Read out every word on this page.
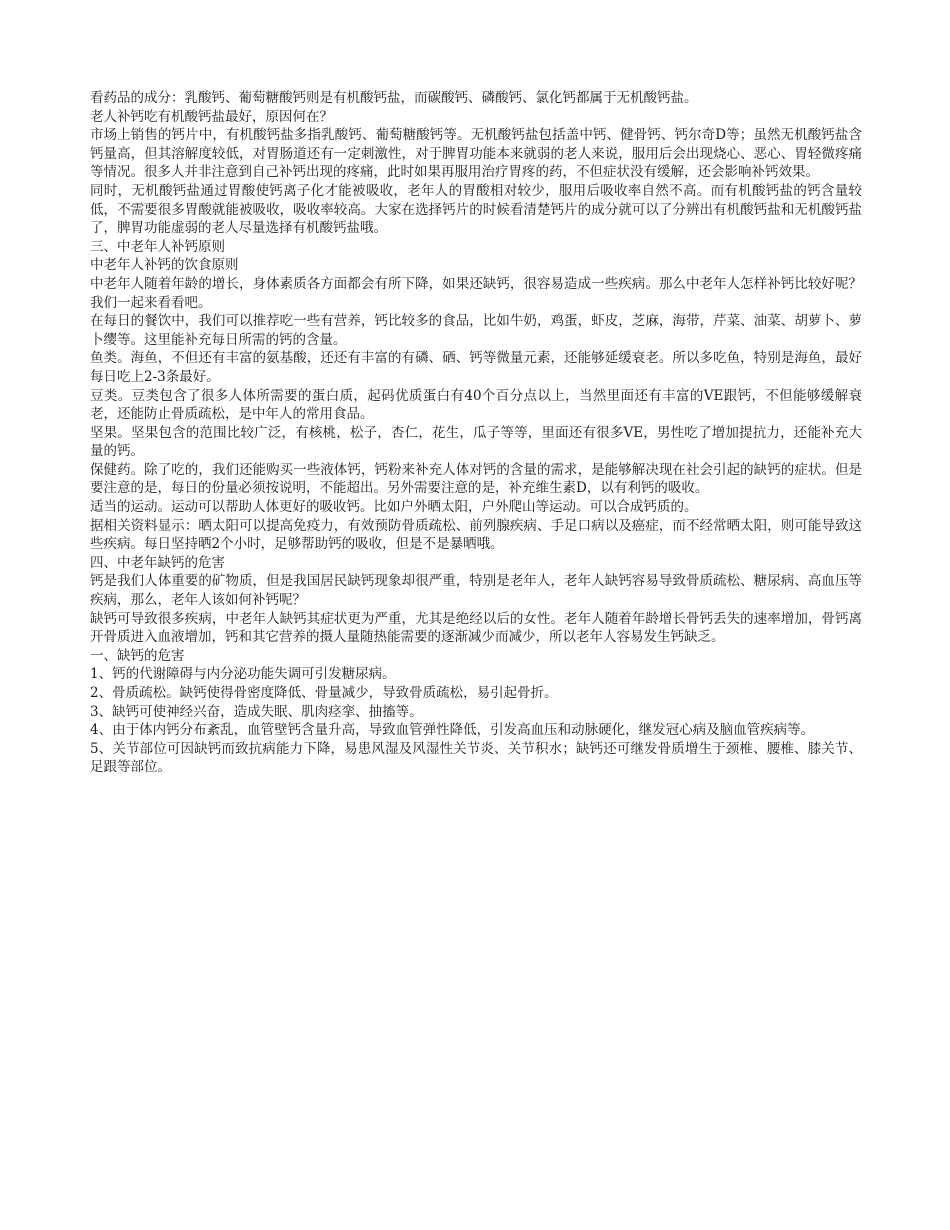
看药品的成分：乳酸钙、葡萄糖酸钙则是有机酸钙盐，而碳酸钙、磷酸钙、氯化钙都属于无机酸钙盐。

老人补钙吃有机酸钙盐最好，原因何在？

市场上销售的钙片中，有机酸钙盐多指乳酸钙、葡萄糖酸钙等。无机酸钙盐包括盖中钙、健骨钙、钙尔奇D等；虽然无机酸钙盐含钙量高，但其溶解度较低，对胃肠道还有一定刺激性，对于脾胃功能本来就弱的老人来说，服用后会出现烧心、恶心、胃轻微疼痛等情况。很多人并非注意到自己补钙出现的疼痛，此时如果再服用治疗胃疼的药，不但症状没有缓解，还会影响补钙效果。

同时，无机酸钙盐通过胃酸使钙离子化才能被吸收，老年人的胃酸相对较少，服用后吸收率自然不高。而有机酸钙盐的钙含量较低，不需要很多胃酸就能被吸收，吸收率较高。大家在选择钙片的时候看清楚钙片的成分就可以了分辨出有机酸钙盐和无机酸钙盐了，脾胃功能虚弱的老人尽量选择有机酸钙盐哦。

三、中老年人补钙原则

中老年人补钙的饮食原则

中老年人随着年龄的增长，身体素质各方面都会有所下降，如果还缺钙，很容易造成一些疾病。那么中老年人怎样补钙比较好呢？我们一起来看看吧。

在每日的餐饮中，我们可以推荐吃一些有营养，钙比较多的食品，比如牛奶，鸡蛋，虾皮，芝麻，海带，芹菜、油菜、胡萝卜、萝卜缨等。这里能补充每日所需的钙的含量。

鱼类。海鱼，不但还有丰富的氨基酸，还还有丰富的有磷、硒、钙等微量元素，还能够延缓衰老。所以多吃鱼，特别是海鱼，最好每日吃上2-3条最好。

豆类。豆类包含了很多人体所需要的蛋白质，起码优质蛋白有40个百分点以上，当然里面还有丰富的VE跟钙，不但能够缓解衰老，还能防止骨质疏松，是中年人的常用食品。

坚果。坚果包含的范围比较广泛，有核桃，松子，杏仁，花生，瓜子等等，里面还有很多VE，男性吃了增加提抗力，还能补充大量的钙。

保健药。除了吃的，我们还能购买一些液体钙，钙粉来补充人体对钙的含量的需求，是能够解决现在社会引起的缺钙的症状。但是要注意的是，每日的份量必须按说明，不能超出。另外需要注意的是，补充维生素D，以有利钙的吸收。

适当的运动。运动可以帮助人体更好的吸收钙。比如户外晒太阳，户外爬山等运动。可以合成钙质的。

据相关资料显示：晒太阳可以提高免疫力，有效预防骨质疏松、前列腺疾病、手足口病以及癌症，而不经常晒太阳，则可能导致这些疾病。每日坚持晒2个小时，足够帮助钙的吸收，但是不是暴晒哦。

四、中老年缺钙的危害

钙是我们人体重要的矿物质，但是我国居民缺钙现象却很严重，特别是老年人，老年人缺钙容易导致骨质疏松、糖尿病、高血压等疾病，那么，老年人该如何补钙呢？

缺钙可导致很多疾病，中老年人缺钙其症状更为严重，尤其是绝经以后的女性。老年人随着年龄增长骨钙丢失的速率增加，骨钙离开骨质进入血液增加，钙和其它营养的摄人量随热能需要的逐渐减少而减少，所以老年人容易发生钙缺乏。

一、缺钙的危害

1、钙的代谢障碍与内分泌功能失调可引发糖尿病。

2、骨质疏松。缺钙使得骨密度降低、骨量减少，导致骨质疏松，易引起骨折。

3、缺钙可使神经兴奋，造成失眠、肌肉痉挛、抽搐等。

4、由于体内钙分布紊乱，血管壁钙含量升高，导致血管弹性降低，引发高血压和动脉硬化，继发冠心病及脑血管疾病等。

5、关节部位可因缺钙而致抗病能力下降，易患风湿及风湿性关节炎、关节积水；缺钙还可继发骨质增生于颈椎、腰椎、膝关节、足跟等部位。
